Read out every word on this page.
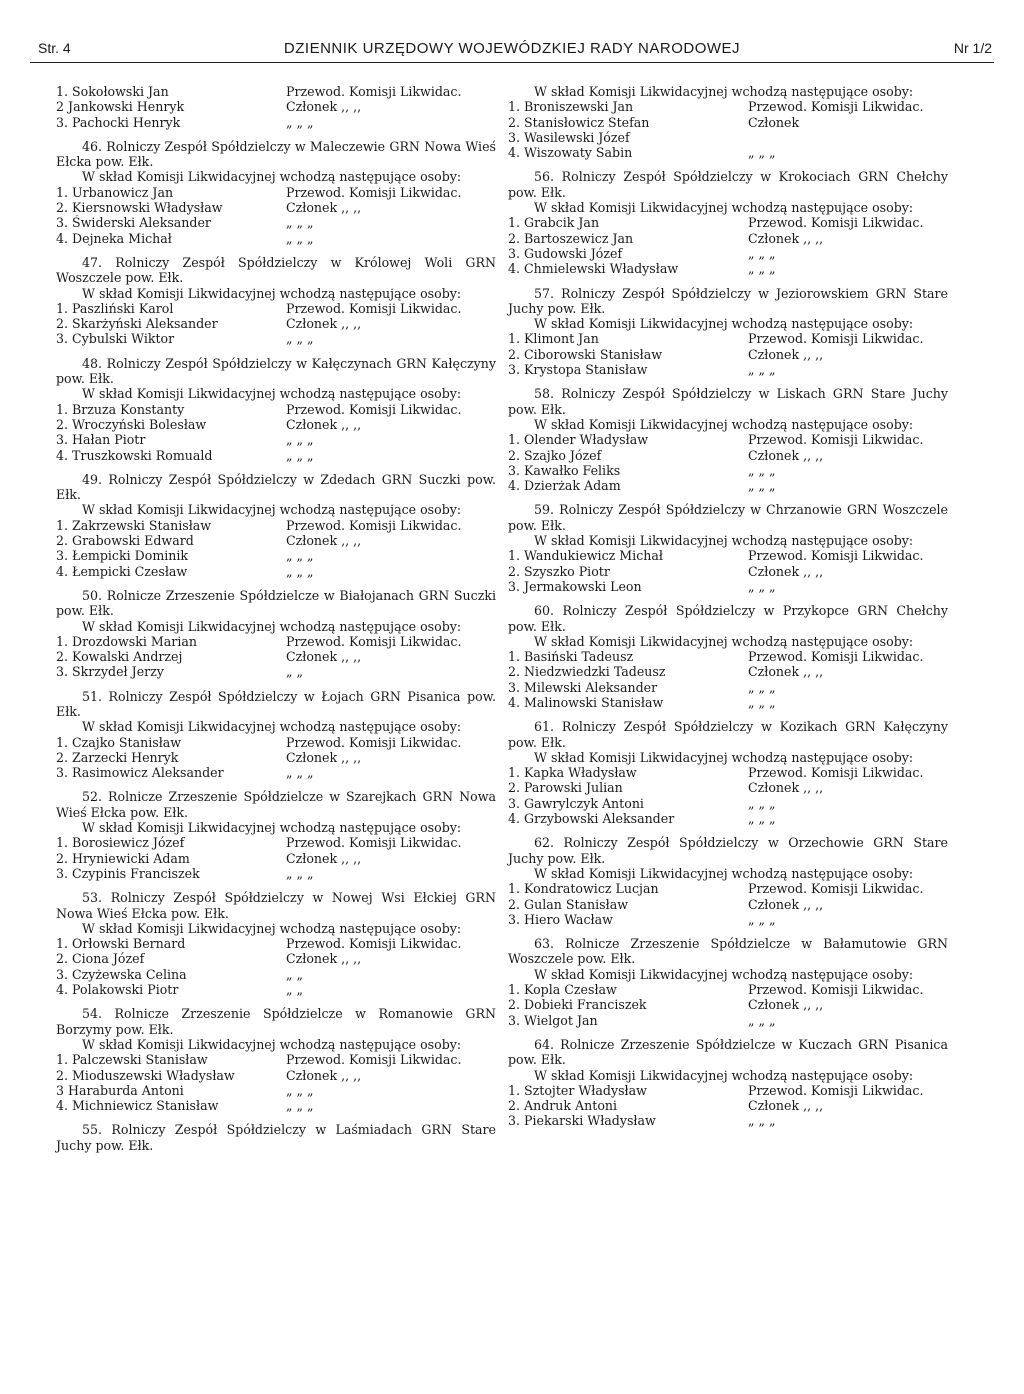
Str. 4	DZIENNIK URZĘDOWY WOJEWÓDZKIEJ RADY NARODOWEJ	Nr 1/2
1. Sokołowski Jan	Przewod. Komisji Likwidac.
2 Jankowski Henryk	Członek ,, ,,
3. Pachocki Henryk	„ „ „
46. Rolniczy Zespół Spółdzielczy w Maleczewie GRN Nowa Wieś Ełcka pow. Ełk.
W skład Komisji Likwidacyjnej wchodzą następujące osoby:
1. Urbanowicz Jan	Przewod. Komisji Likwidac.
2. Kiersnowski Władysław	Członek ,, ,,
3. Świderski Aleksander	„ „ „
4. Dejneka Michał	„ „ „
47. Rolniczy Zespół Spółdzielczy w Królowej Woli GRN Woszczele pow. Ełk.
W skład Komisji Likwidacyjnej wchodzą następujące osoby:
1. Paszliński Karol	Przewod. Komisji Likwidac.
2. Skarżyński Aleksander	Członek ,, ,,
3. Cybulski Wiktor	„ „ „
48. Rolniczy Zespół Spółdzielczy w Kałęczynach GRN Kałęczyny pow. Ełk.
W skład Komisji Likwidacyjnej wchodzą następujące osoby:
1. Brzuza Konstanty	Przewod. Komisji Likwidac.
2. Wroczyński Bolesław	Członek ,, ,,
3. Hałan Piotr	„ „ „
4. Truszkowski Romuald	„ „ „
49. Rolniczy Zespół Spółdzielczy w Zdedach GRN Suczki pow. Ełk.
W skład Komisji Likwidacyjnej wchodzą następujące osoby:
1. Zakrzewski Stanisław	Przewod. Komisji Likwidac.
2. Grabowski Edward	Członek ,, ,,
3. Łempicki Dominik	„ „ „
4. Łempicki Czesław	„ „ „
50. Rolnicze Zrzeszenie Spółdzielcze w Białojanach GRN Suczki pow. Ełk.
W skład Komisji Likwidacyjnej wchodzą następujące osoby:
1. Drozdowski Marian	Przewod. Komisji Likwidac.
2. Kowalski Andrzej	Członek ,, ,,
3. Skrzydeł Jerzy	„ „
51. Rolniczy Zespół Spółdzielczy w Łojach GRN Pisanica pow. Ełk.
W skład Komisji Likwidacyjnej wchodzą następujące osoby:
1. Czajko Stanisław	Przewod. Komisji Likwidac.
2. Zarzecki Henryk	Członek ,, ,,
3. Rasimowicz Aleksander	„ „ „
52. Rolnicze Zrzeszenie Spółdzielcze w Szarejkach GRN Nowa Wieś Ełcka pow. Ełk.
W skład Komisji Likwidacyjnej wchodzą następujące osoby:
1. Borosiewicz Józef	Przewod. Komisji Likwidac.
2. Hryniewicki Adam	Członek ,, ,,
3. Czypinis Franciszek	„ „ „
53. Rolniczy Zespół Spółdzielczy w Nowej Wsi Ełckiej GRN Nowa Wieś Ełcka pow. Ełk.
W skład Komisji Likwidacyjnej wchodzą następujące osoby:
1. Orłowski Bernard	Przewod. Komisji Likwidac.
2. Ciona Józef	Członek ,, ,,
3. Czyżewska Celina	„ „
4. Polakowski Piotr	„ „
54. Rolnicze Zrzeszenie Spółdzielcze w Romanowie GRN Borzymy pow. Ełk.
W skład Komisji Likwidacyjnej wchodzą następujące osoby:
1. Palczewski Stanisław	Przewod. Komisji Likwidac.
2. Mioduszewski Władysław	Członek ,, ,,
3 Haraburda Antoni	„ „ „
4. Michniewicz Stanisław	„ „ „
55. Rolniczy Zespół Spółdzielczy w Laśmiadach GRN Stare Juchy pow. Ełk.
W skład Komisji Likwidacyjnej wchodzą następujące osoby:
1. Broniszewski Jan	Przewod. Komisji Likwidac.
2. Stanisłowicz Stefan	Członek
3. Wasilewski Józef
4. Wiszowaty Sabin	„ „ „
56. Rolniczy Zespół Spółdzielczy w Krokociach GRN Chełchy pow. Ełk.
W skład Komisji Likwidacyjnej wchodzą następujące osoby:
1. Grabcik Jan	Przewod. Komisji Likwidac.
2. Bartoszewicz Jan	Członek ,, ,,
3. Gudowski Józef	„ „ „
4. Chmielewski Władysław	„ „ „
57. Rolniczy Zespół Spółdzielczy w Jeziorowskiem GRN Stare Juchy pow. Ełk.
W skład Komisji Likwidacyjnej wchodzą następujące osoby:
1. Klimont Jan	Przewod. Komisji Likwidac.
2. Ciborowski Stanisław	Członek ,, ,,
3. Krystopa Stanisław	„ „ „
58. Rolniczy Zespół Spółdzielczy w Liskach GRN Stare Juchy pow. Ełk.
W skład Komisji Likwidacyjnej wchodzą następujące osoby:
1. Olender Władysław	Przewod. Komisji Likwidac.
2. Szajko Józef	Członek ,, ,,
3. Kawałko Feliks	„ „ „
4. Dzierżak Adam	„ „ „
59. Rolniczy Zespół Spółdzielczy w Chrzanowie GRN Woszczele pow. Ełk.
W skład Komisji Likwidacyjnej wchodzą następujące osoby:
1. Wandukiewicz Michał	Przewod. Komisji Likwidac.
2. Szyszko Piotr	Członek ,, ,,
3. Jermakowski Leon	„ „ „
60. Rolniczy Zespół Spółdzielczy w Przykopce GRN Chełchy pow. Ełk.
W skład Komisji Likwidacyjnej wchodzą następujące osoby:
1. Basiński Tadeusz	Przewod. Komisji Likwidac.
2. Niedzwiedzki Tadeusz	Członek ,, ,,
3. Milewski Aleksander	„ „ „
4. Malinowski Stanisław	„ „ „
61. Rolniczy Zespół Spółdzielczy w Kozikach GRN Kałęczyny pow. Ełk.
W skład Komisji Likwidacyjnej wchodzą następujące osoby:
1. Kapka Władysław	Przewod. Komisji Likwidac.
2. Parowski Julian	Członek ,, ,,
3. Gawrylczyk Antoni	„ „ „
4. Grzybowski Aleksander	„ „ „
62. Rolniczy Zespół Spółdzielczy w Orzechowie GRN Stare Juchy pow. Ełk.
W skład Komisji Likwidacyjnej wchodzą następujące osoby:
1. Kondratowicz Lucjan	Przewod. Komisji Likwidac.
2. Gulan Stanisław	Członek ,, ,,
3. Hiero Wacław	„ „ „
63. Rolnicze Zrzeszenie Spółdzielcze w Bałamutowie GRN Woszczele pow. Ełk.
W skład Komisji Likwidacyjnej wchodzą następujące osoby:
1. Kopla Czesław	Przewod. Komisji Likwidac.
2. Dobieki Franciszek	Członek ,, ,,
3. Wielgot Jan	„ „ „
64. Rolnicze Zrzeszenie Spółdzielcze w Kuczach GRN Pisanica pow. Ełk.
W skład Komisji Likwidacyjnej wchodzą następujące osoby:
1. Sztojter Władysław	Przewod. Komisji Likwidac.
2. Andruk Antoni	Członek ,, ,,
3. Piekarski Władysław	„ „ „
